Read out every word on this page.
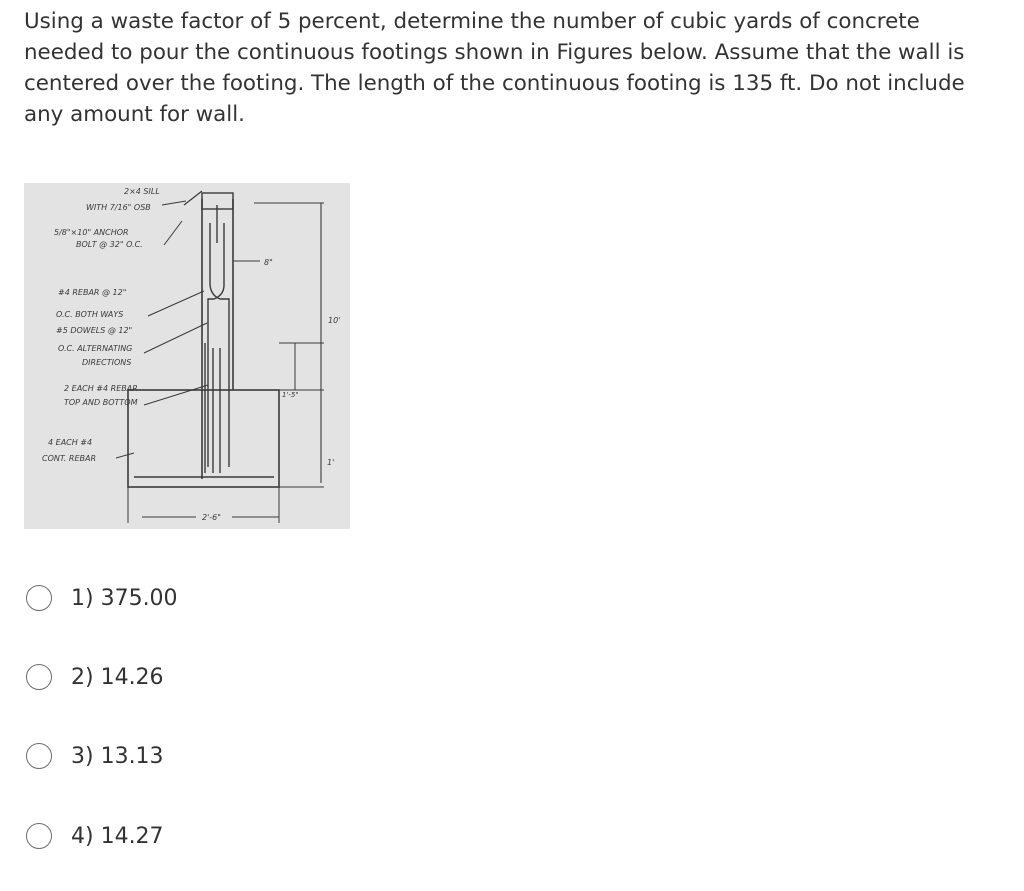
Using a waste factor of 5 percent, determine the number of cubic yards of concrete needed to pour the continuous footings shown in Figures below. Assume that the wall is centered over the footing. The length of the continuous footing is 135 ft. Do not include any amount for wall.

2×4 SILL
WITH 7/16" OSB
5/8"×10" ANCHOR
BOLT @ 32" O.C.
#4 REBAR @ 12"
O.C. BOTH WAYS
#5 DOWELS @ 12"
O.C. ALTERNATING
DIRECTIONS
2 EACH #4 REBAR
TOP AND BOTTOM
4 EACH #4
CONT. REBAR
8"
10'
1'-5"
1'
2'-6"
1) 375.00
2) 14.26
3) 13.13
4) 14.27
